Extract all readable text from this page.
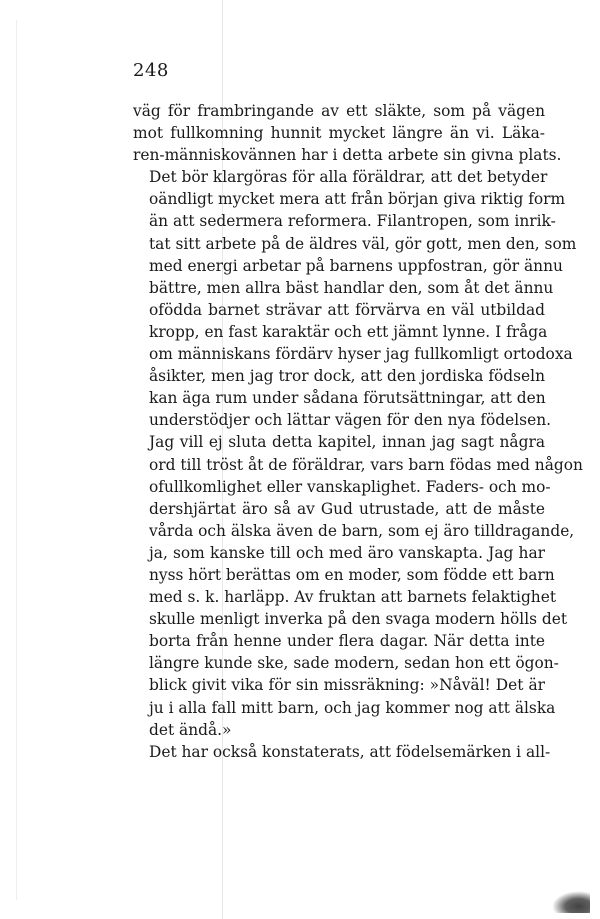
248

väg för frambringande av ett släkte, som på vägen
mot fullkomning hunnit mycket längre än vi. Läka-
ren-människovännen har i detta arbete sin givna plats.

Det bör klargöras för alla föräldrar, att det betyder
oändligt mycket mera att från början giva riktig form
än att sedermera reformera. Filantropen, som inrik-
tat sitt arbete på de äldres väl, gör gott, men den, som
med energi arbetar på barnens uppfostran, gör ännu
bättre, men allra bäst handlar den, som åt det ännu
ofödda barnet strävar att förvärva en väl utbildad
kropp, en fast karaktär och ett jämnt lynne. I fråga
om människans fördärv hyser jag fullkomligt ortodoxa
åsikter, men jag tror dock, att den jordiska födseln
kan äga rum under sådana förutsättningar, att den
understödjer och lättar vägen för den nya födelsen.
Jag vill ej sluta detta kapitel, innan jag sagt några
ord till tröst åt de föräldrar, vars barn födas med någon
ofullkomlighet eller vanskaplighet. Faders- och mo-
dershjärtat äro så av Gud utrustade, att de måste
vårda och älska även de barn, som ej äro tilldragande,
ja, som kanske till och med äro vanskapta. Jag har
nyss hört berättas om en moder, som födde ett barn
med s. k. harläpp. Av fruktan att barnets felaktighet
skulle menligt inverka på den svaga modern hölls det
borta från henne under flera dagar. När detta inte
längre kunde ske, sade modern, sedan hon ett ögon-
blick givit vika för sin missräkning: »Nåväl! Det är
ju i alla fall mitt barn, och jag kommer nog att älska
det ändå.»

Det har också konstaterats, att födelsemärken i all-
